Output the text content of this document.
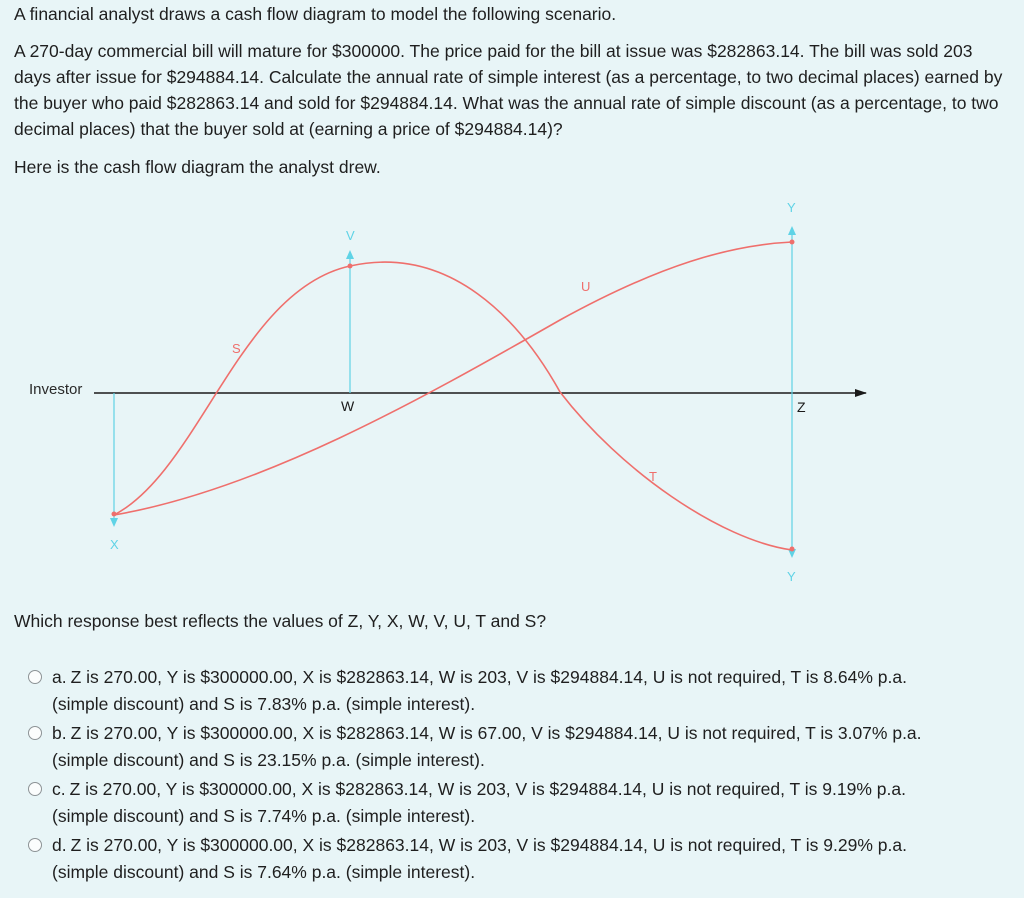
A financial analyst draws a cash flow diagram to model the following scenario.

A 270-day commercial bill will mature for $300000. The price paid for the bill at issue was $282863.14. The bill was sold 203 days after issue for $294884.14. Calculate the annual rate of simple interest (as a percentage, to two decimal places) earned by the buyer who paid $282863.14 and sold for $294884.14. What was the annual rate of simple discount (as a percentage, to two decimal places) that the buyer sold at (earning a price of $294884.14)?

Here is the cash flow diagram the analyst drew.

Investor
X
W
V
U
T
S
Z
Y
Y

Which response best reflects the values of Z, Y, X, W, V, U, T and S?

a. Z is 270.00, Y is $300000.00, X is $282863.14, W is 203, V is $294884.14, U is not required, T is 8.64% p.a.
(simple discount) and S is 7.83% p.a. (simple interest).
b. Z is 270.00, Y is $300000.00, X is $282863.14, W is 67.00, V is $294884.14, U is not required, T is 3.07% p.a.
(simple discount) and S is 23.15% p.a. (simple interest).
c. Z is 270.00, Y is $300000.00, X is $282863.14, W is 203, V is $294884.14, U is not required, T is 9.19% p.a.
(simple discount) and S is 7.74% p.a. (simple interest).
d. Z is 270.00, Y is $300000.00, X is $282863.14, W is 203, V is $294884.14, U is not required, T is 9.29% p.a.
(simple discount) and S is 7.64% p.a. (simple interest).
